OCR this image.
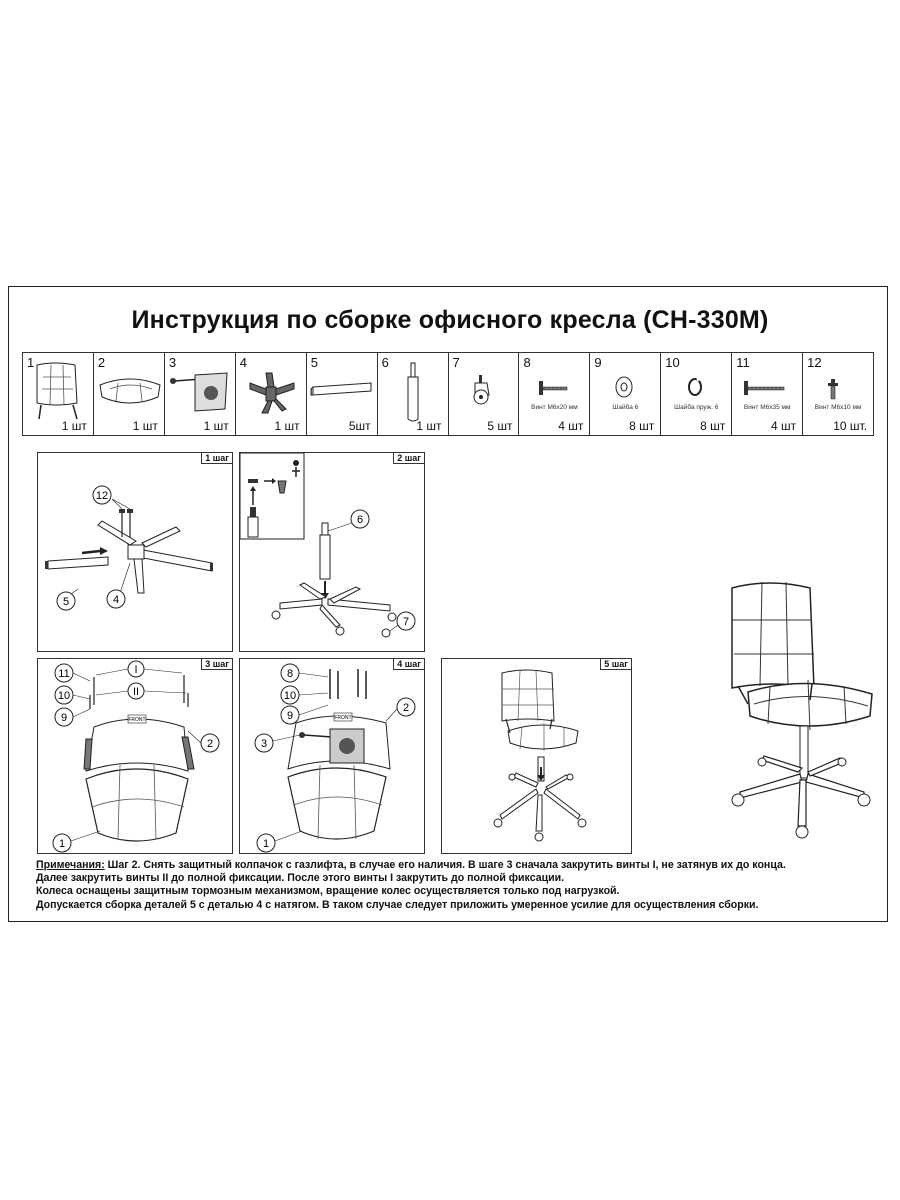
Инструкция по сборке офисного кресла (CH-330M)
1
1 шт
2
1 шт
3
1 шт
4
1 шт
5
5шт
6
1 шт
7
5 шт
8
Винт М6х20 мм
4 шт
9
Шайба 6
8 шт
10
Шайба пруж. 6
8 шт
11
Винт М6х35 мм
4 шт
12
Винт М6х10 мм
10 шт.
1 шаг
12
5	4
2 шаг
6
7
3 шаг
FRONT
I
II
11
10
9
2
1
4 шаг
FRONT
8
10
9
2
3
1
5 шаг
Примечания: Шаг 2. Снять защитный колпачок с газлифта, в случае его наличия. В шаге 3 сначала закрутить винты I, не затянув их до конца.
Далее закрутить винты II до полной фиксации. После этого винты I закрутить до полной фиксации.
Колеса оснащены защитным тормозным механизмом, вращение колес осуществляется только под нагрузкой.
Допускается сборка деталей 5 с деталью 4 с натягом. В таком случае следует приложить умеренное усилие для осуществления сборки.
